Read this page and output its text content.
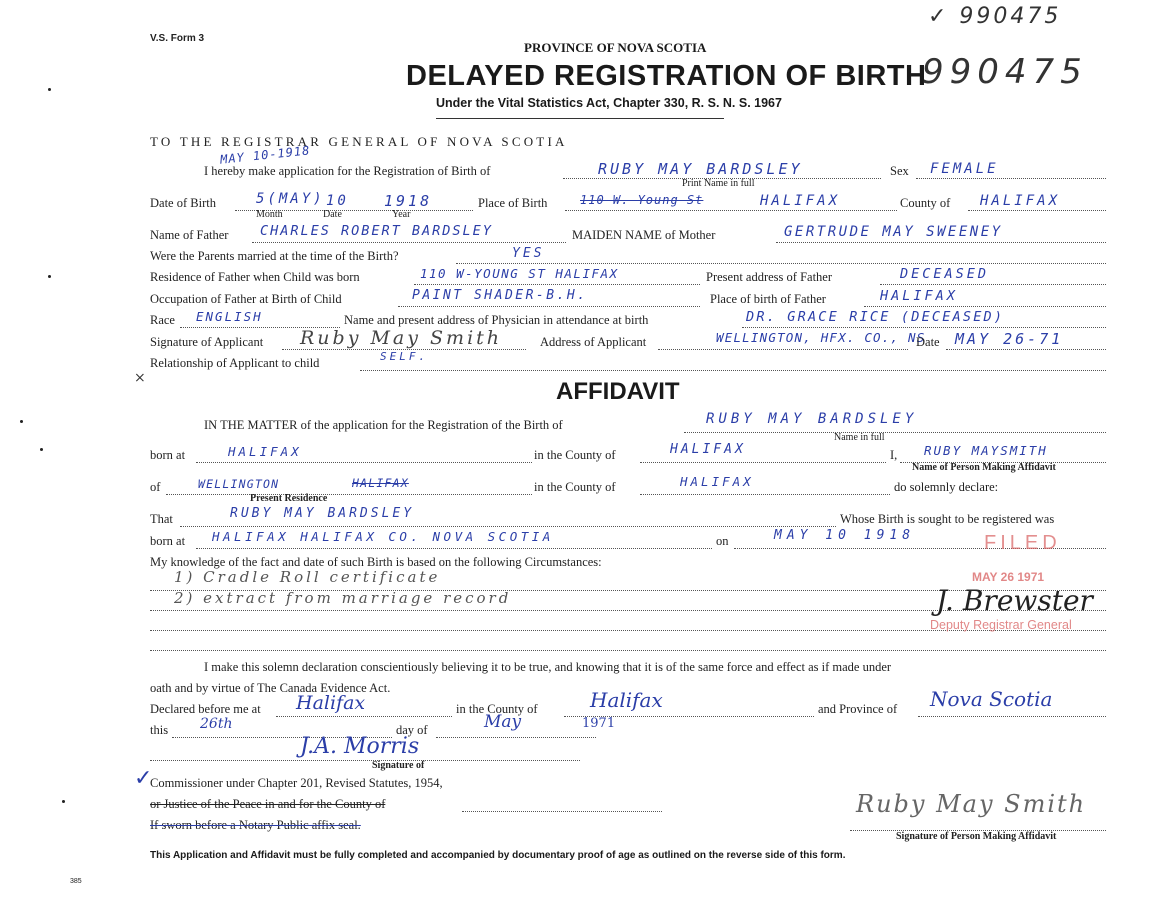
V.S. Form 3
PROVINCE OF NOVA SCOTIA
DELAYED REGISTRATION OF BIRTH
Under the Vital Statistics Act, Chapter 330, R. S. N. S. 1967
✓ 990475
990475
TO THE REGISTRAR GENERAL OF NOVA SCOTIA
MAY 10-1918
I hereby make application for the Registration of Birth of	RUBY MAY BARDSLEY
Print Name in full
Sex FEMALE
Date of Birth	5(MAY) 10 1918
Month	Date	Year
Place of Birth	110 W. Young St	HALIFAX	County of HALIFAX
Name of Father CHARLES ROBERT BARDSLEY	MAIDEN NAME of Mother	GERTRUDE MAY SWEENEY
Were the Parents married at the time of the Birth?	YES
Residence of Father when Child was born	110 W-YOUNG ST HALIFAX	Present address of Father	DECEASED
Occupation of Father at Birth of Child	PAINT SHADER-B.H.	Place of birth of Father	HALIFAX
Race ENGLISH	Name and present address of Physician in attendance at birth	DR. GRACE RICE (DECEASED)
Signature of Applicant Ruby May Smith	Address of Applicant	WELLINGTON, HFX. CO., NS
Date MAY 26-71
Relationship of Applicant to child	SELF.
×	AFFIDAVIT
IN THE MATTER of the application for the Registration of the Birth of	RUBY MAY BARDSLEY
Name in full
born at	HALIFAX	in the County of	HALIFAX	I, RUBY MAYSMITH
Name of Person Making Affidavit
of	WELLINGTON	HALIFAX
Present Residence
in the County of	HALIFAX	do solemnly declare:
That	RUBY MAY BARDSLEY	Whose Birth is sought to be registered was
born at HALIFAX HALIFAX CO. NOVA SCOTIA	on	MAY 10 1918
My knowledge of the fact and date of such Birth is based on the following Circumstances:
1) Cradle Roll certificate
2) extract from marriage record
I make this solemn declaration conscientiously believing it to be true, and knowing that it is of the same force and effect as if made under
oath and by virtue of The Canada Evidence Act.
Declared before me at Halifax	in the County of	Halifax	and Province of Nova Scotia
this 26th	day of	May	1971
J.A. Morris
Signature of
✓
Commissioner under Chapter 201, Revised Statutes, 1954,
or Justice of the Peace in and for the County of
If sworn before a Notary Public affix seal.
Ruby May Smith
Signature of Person Making Affidavit
This Application and Affidavit must be fully completed and accompanied by documentary proof of age as outlined on the reverse side of this form.
385
FILED
MAY 26 1971
J. Brewster
Deputy Registrar General
